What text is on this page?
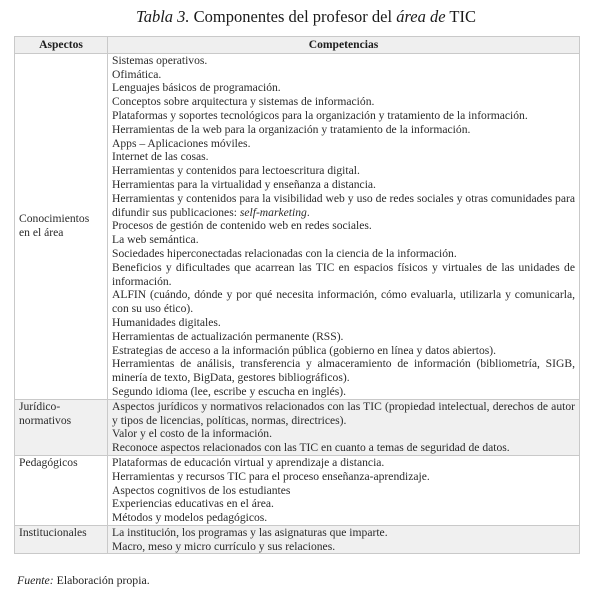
Tabla 3. Componentes del profesor del área de TIC
Aspectos	Competencias
Conocimientos en el área	
Sistemas operativos.
Ofimática.
Lenguajes básicos de programación.
Conceptos sobre arquitectura y sistemas de información.
Plataformas y soportes tecnológicos para la organización y tratamiento de la información.
Herramientas de la web para la organización y tratamiento de la información.
Apps – Aplicaciones móviles.
Internet de las cosas.
Herramientas y contenidos para lectoescritura digital.
Herramientas para la virtualidad y enseñanza a distancia.
Herramientas y contenidos para la visibilidad web y uso de redes sociales y otras comunidades para difundir sus publicaciones: self-marketing.
Procesos de gestión de contenido web en redes sociales.
La web semántica.
Sociedades hiperconectadas relacionadas con la ciencia de la información.
Beneficios y dificultades que acarrean las TIC en espacios físicos y virtuales de las unidades de información.
ALFIN (cuándo, dónde y por qué necesita información, cómo evaluarla, utilizarla y comunicarla, con su uso ético).
Humanidades digitales.
Herramientas de actualización permanente (RSS).
Estrategias de acceso a la información pública (gobierno en línea y datos abiertos).
Herramientas de análisis, transferencia y almaceramiento de información (bibliometría, SIGB, minería de texto, BigData, gestores bibliográficos).
Segundo idioma (lee, escribe y escucha en inglés).

Jurídico-normativos	Aspectos jurídicos y normativos relacionados con las TIC (propiedad intelectual, derechos de autor y tipos de licencias, políticas, normas, directrices).
Valor y el costo de la información.
Reconoce aspectos relacionados con las TIC en cuanto a temas de seguridad de datos.

Pedagógicos	Plataformas de educación virtual y aprendizaje a distancia.
Herramientas y recursos TIC para el proceso enseñanza-aprendizaje.
Aspectos cognitivos de los estudiantes
Experiencias educativas en el área.
Métodos y modelos pedagógicos.

Institucionales	La institución, los programas y las asignaturas que imparte.
Macro, meso y micro currículo y sus relaciones.
Fuente: Elaboración propia.
